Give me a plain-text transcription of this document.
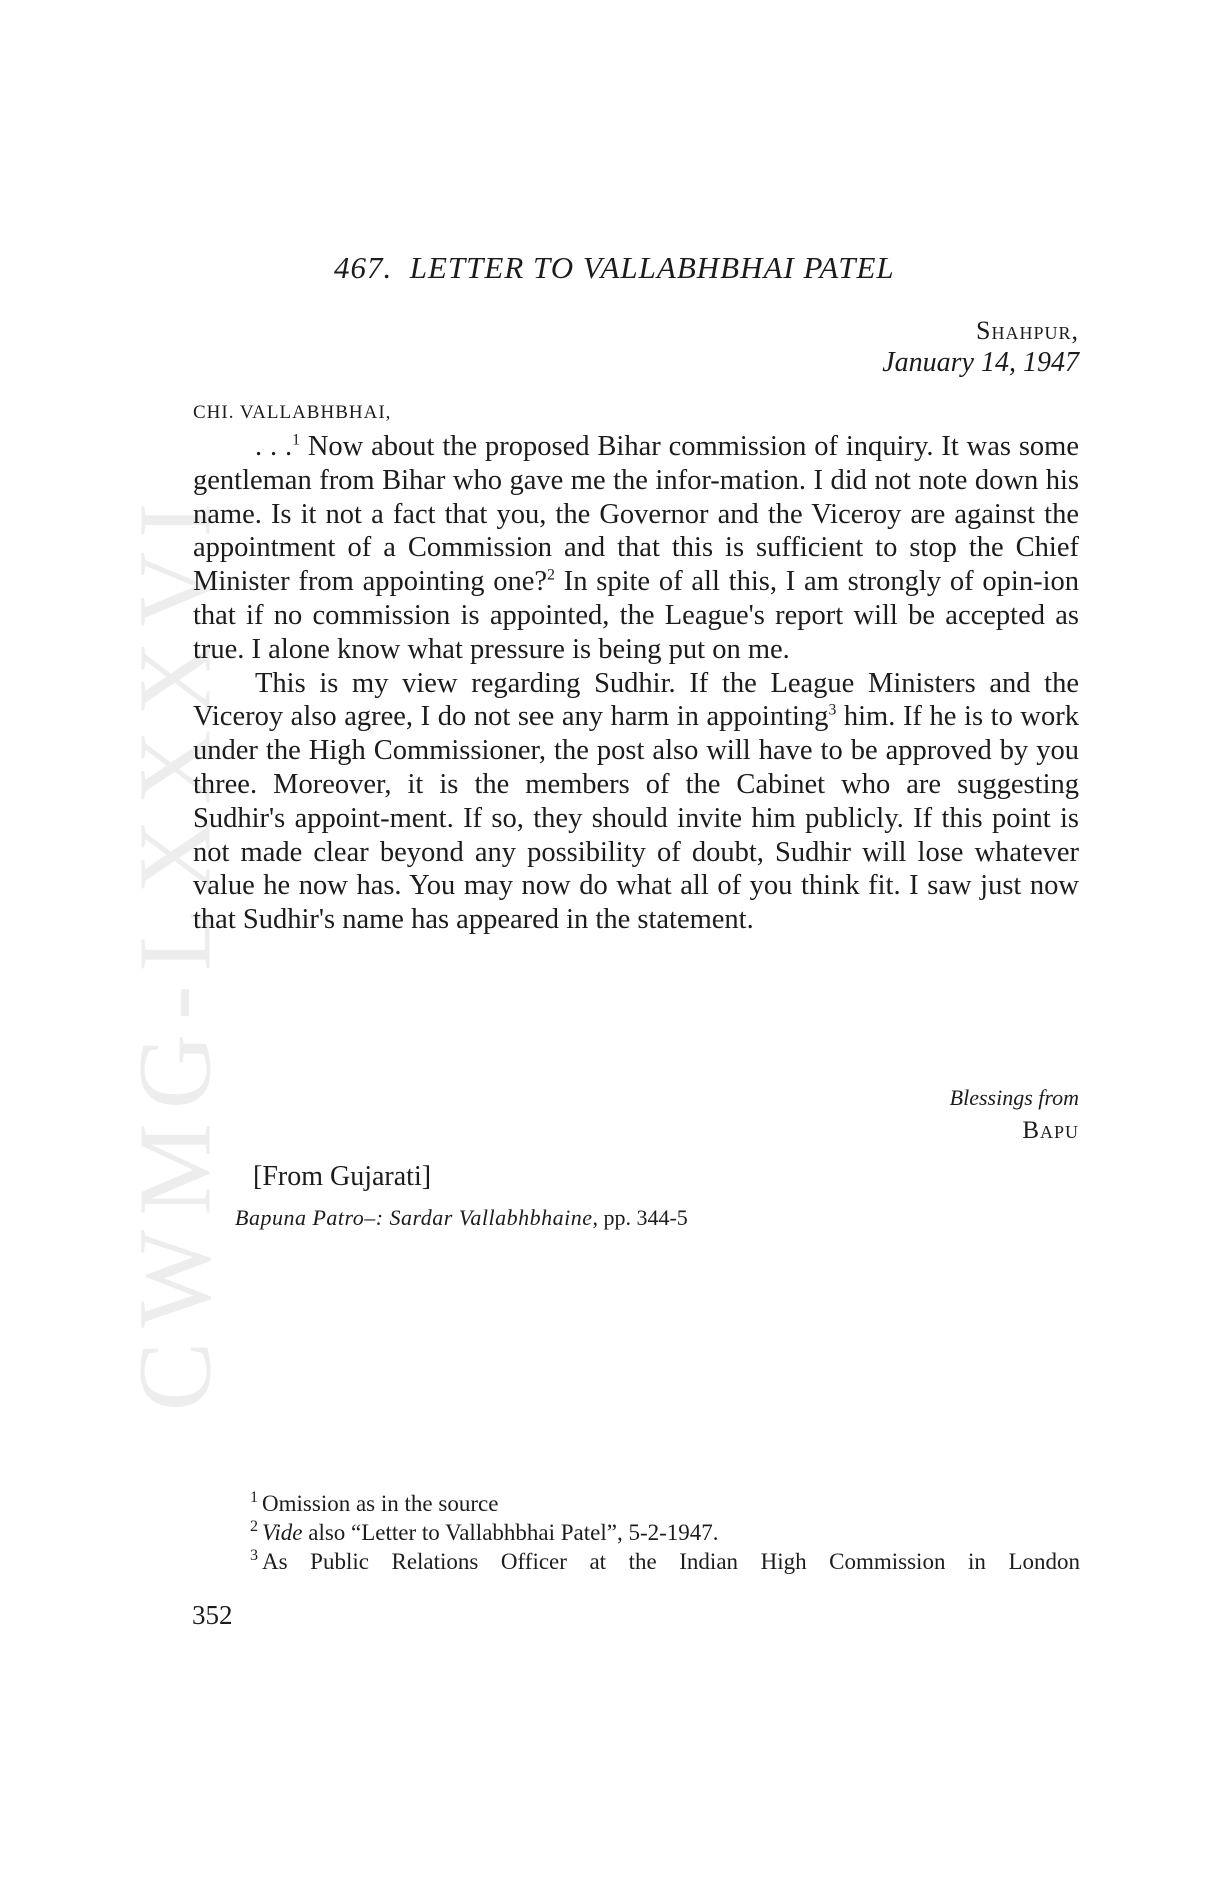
CWMG-LXXXVI
467. LETTER TO VALLABHBHAI PATEL
Shahpur,
January 14, 1947
CHI. VALLABHBHAI,

. . .$^1$ Now about the proposed Bihar commission of inquiry. It was some gentleman from Bihar who gave me the infor-mation. I did not note down his name. Is it not a fact that you, the Governor and the Viceroy are against the appointment of a Commission and that this is sufficient to stop the Chief Minister from appointing one?$^2$ In spite of all this, I am strongly of opin-ion that if no commission is appointed, the League's report will be accepted as true. I alone know what pressure is being put on me.

This is my view regarding Sudhir. If the League Ministers and the Viceroy also agree, I do not see any harm in appointing$^3$ him. If he is to work under the High Commissioner, the post also will have to be approved by you three. Moreover, it is the members of the Cabinet who are suggesting Sudhir's appoint-ment. If so, they should invite him publicly. If this point is not made clear beyond any possibility of doubt, Sudhir will lose whatever value he now has. You may now do what all of you think fit. I saw just now that Sudhir's name has appeared in the statement.

Blessings from
Bapu
[From Gujarati]
Bapuna Patro–: Sardar Vallabhbhaine, pp. 344-5
$^1$ Omission as in the source
$^2$ Vide also “Letter to Vallabhbhai Patel”, 5-2-1947.
$^3$ As Public Relations Officer at the Indian High Commission in London
352
